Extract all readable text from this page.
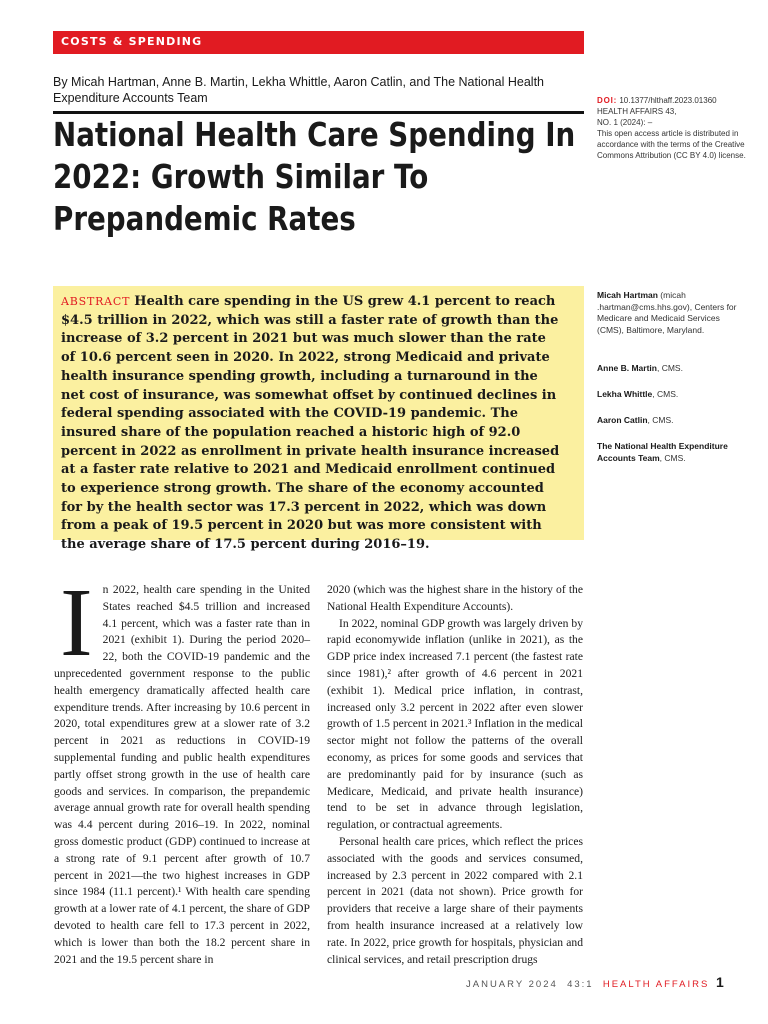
COSTS & SPENDING
By Micah Hartman, Anne B. Martin, Lekha Whittle, Aaron Catlin, and The National Health Expenditure Accounts Team
National Health Care Spending In
2022: Growth Similar To
Prepandemic Rates
DOI: 10.1377/hlthaff.2023.01360
HEALTH AFFAIRS 43,
NO. 1 (2024): –
This open access article is distributed in accordance with the terms of the Creative Commons Attribution (CC BY 4.0) license.
ABSTRACT Health care spending in the US grew 4.1 percent to reach $4.5 trillion in 2022, which was still a faster rate of growth than the increase of 3.2 percent in 2021 but was much slower than the rate of 10.6 percent seen in 2020. In 2022, strong Medicaid and private health insurance spending growth, including a turnaround in the net cost of insurance, was somewhat offset by continued declines in federal spending associated with the COVID-19 pandemic. The insured share of the population reached a historic high of 92.0 percent in 2022 as enrollment in private health insurance increased at a faster rate relative to 2021 and Medicaid enrollment continued to experience strong growth. The share of the economy accounted for by the health sector was 17.3 percent in 2022, which was down from a peak of 19.5 percent in 2020 but was more consistent with the average share of 17.5 percent during 2016–19.
Micah Hartman (micah .hartman@cms.hhs.gov), Centers for Medicare and Medicaid Services (CMS), Baltimore, Maryland.
Anne B. Martin, CMS.
Lekha Whittle, CMS.
Aaron Catlin, CMS.
The National Health Expenditure Accounts Team, CMS.

In 2022, health care spending in the United States reached $4.5 trillion and increased 4.1 percent, which was a faster rate than in 2021 (exhibit 1). During the period 2020–22, both the COVID-19 pandemic and the unprecedented government response to the public health emergency dramatically affected health care expenditure trends. After increasing by 10.6 percent in 2020, total expenditures grew at a slower rate of 3.2 percent in 2021 as reductions in COVID-19 supplemental funding and public health expenditures partly offset strong growth in the use of health care goods and services. In comparison, the prepandemic average annual growth rate for overall health spending was 4.4 percent during 2016–19. In 2022, nominal gross domestic product (GDP) continued to increase at a strong rate of 9.1 percent after growth of 10.7 percent in 2021—the two highest increases in GDP since 1984 (11.1 percent).¹ With health care spending growth at a lower rate of 4.1 percent, the share of GDP devoted to health care fell to 17.3 percent in 2022, which is lower than both the 18.2 percent share in 2021 and the 19.5 percent share in

2020 (which was the highest share in the history of the National Health Expenditure Accounts).

In 2022, nominal GDP growth was largely driven by rapid economywide inflation (unlike in 2021), as the GDP price index increased 7.1 percent (the fastest rate since 1981),² after growth of 4.6 percent in 2021 (exhibit 1). Medical price inflation, in contrast, increased only 3.2 percent in 2022 after even slower growth of 1.5 percent in 2021.³ Inflation in the medical sector might not follow the patterns of the overall economy, as prices for some goods and services that are predominantly paid for by insurance (such as Medicare, Medicaid, and private health insurance) tend to be set in advance through legislation, regulation, or contractual agreements.

Personal health care prices, which reflect the prices associated with the goods and services consumed, increased by 2.3 percent in 2022 compared with 2.1 percent in 2021 (data not shown). Price growth for providers that receive a large share of their payments from health insurance increased at a relatively low rate. In 2022, price growth for hospitals, physician and clinical services, and retail prescription drugs

JANUARY 2024 43:1 HEALTH AFFAIRS 1
